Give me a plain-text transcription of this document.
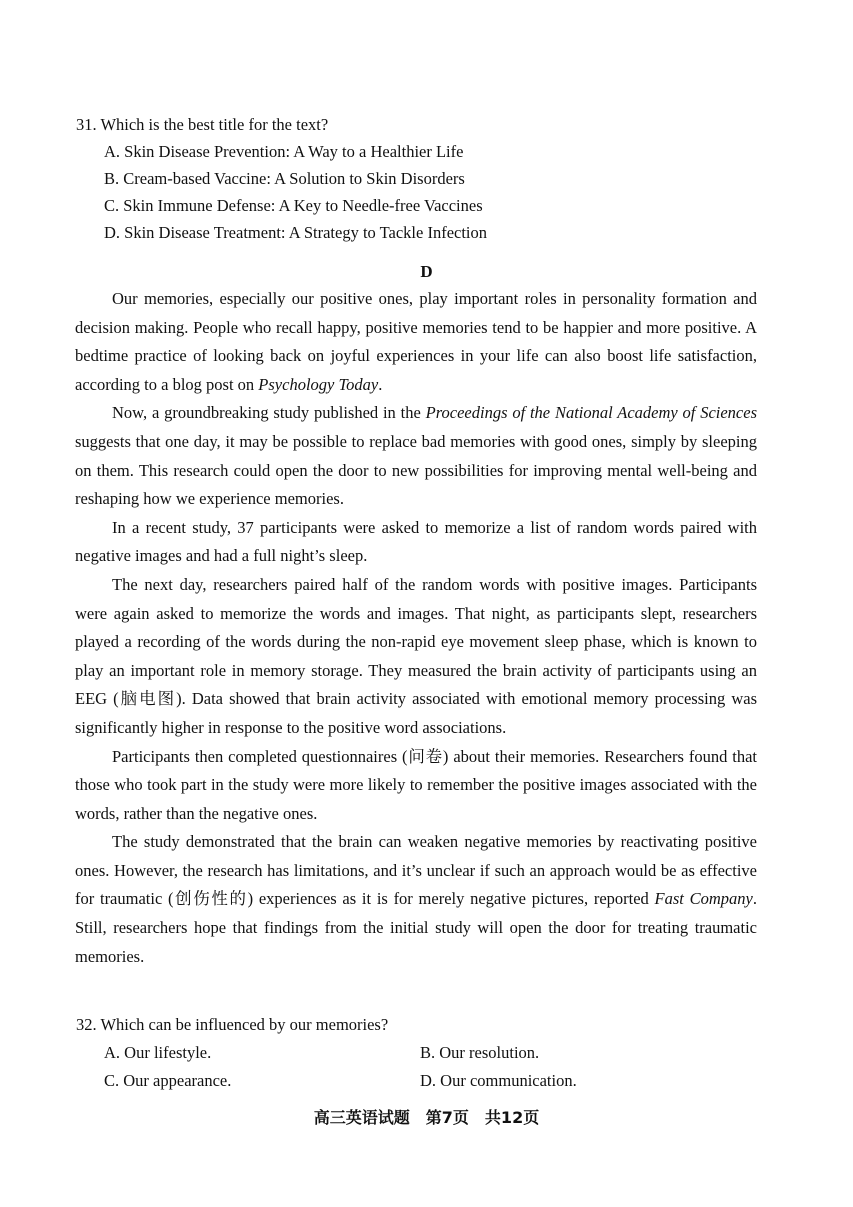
31. Which is the best title for the text?
A. Skin Disease Prevention: A Way to a Healthier Life
B. Cream-based Vaccine: A Solution to Skin Disorders
C. Skin Immune Defense: A Key to Needle-free Vaccines
D. Skin Disease Treatment: A Strategy to Tackle Infection
D

Our memories, especially our positive ones, play important roles in personality formation and decision making. People who recall happy, positive memories tend to be happier and more positive. A bedtime practice of looking back on joyful experiences in your life can also boost life satisfaction, according to a blog post on Psychology Today.

Now, a groundbreaking study published in the Proceedings of the National Academy of Sciences suggests that one day, it may be possible to replace bad memories with good ones, simply by sleeping on them. This research could open the door to new possibilities for improving mental well-being and reshaping how we experience memories.

In a recent study, 37 participants were asked to memorize a list of random words paired with negative images and had a full night’s sleep.

The next day, researchers paired half of the random words with positive images. Participants were again asked to memorize the words and images. That night, as participants slept, researchers played a recording of the words during the non-rapid eye movement sleep phase, which is known to play an important role in memory storage. They measured the brain activity of participants using an EEG (脑电图). Data showed that brain activity associated with emotional memory processing was significantly higher in response to the positive word associations.

Participants then completed questionnaires (问卷) about their memories. Researchers found that those who took part in the study were more likely to remember the positive images associated with the words, rather than the negative ones.

The study demonstrated that the brain can weaken negative memories by reactivating positive ones. However, the research has limitations, and it’s unclear if such an approach would be as effective for traumatic (创伤性的) experiences as it is for merely negative pictures, reported Fast Company. Still, researchers hope that findings from the initial study will open the door for treating traumatic memories.

32. Which can be influenced by our memories?
A. Our lifestyle.	B. Our resolution.
C. Our appearance.	D. Our communication.
高三英语试题　第7页　共12页
